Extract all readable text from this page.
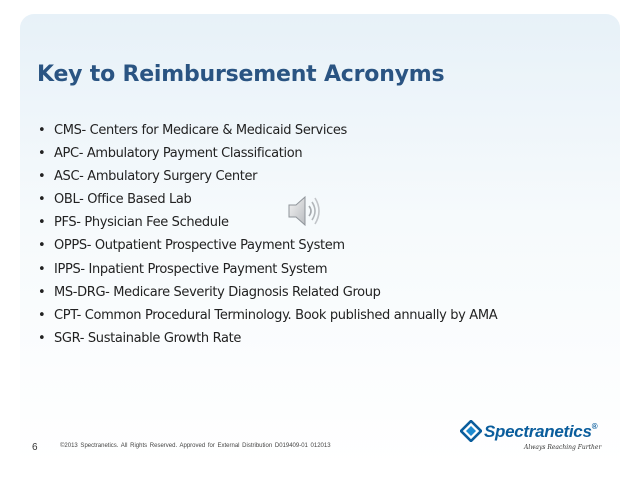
Key to Reimbursement Acronyms
• CMS- Centers for Medicare & Medicaid Services
• APC- Ambulatory Payment Classification
• ASC- Ambulatory Surgery Center
• OBL- Office Based Lab
• PFS- Physician Fee Schedule
• OPPS- Outpatient Prospective Payment System
• IPPS- Inpatient Prospective Payment System
• MS-DRG- Medicare Severity Diagnosis Related Group
• CPT- Common Procedural Terminology. Book published annually by AMA
• SGR- Sustainable Growth Rate
6	©2013 Spectranetics. All Rights Reserved. Approved for External Distribution D019409-01 012013
Spectranetics®
Always Reaching Further
